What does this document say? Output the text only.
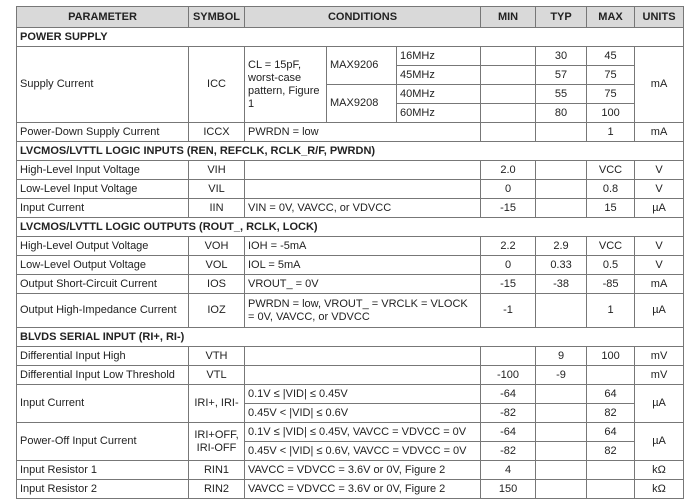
PARAMETER	SYMBOL	CONDITIONS			MIN	TYP	MAX	UNITS
POWER SUPPLY								
Supply Current	ICC	CL = 15pF, worst-case pattern, Figure 1	MAX9206	16MHz		30	45	mA
				45MHz		57	75	
			MAX9208	40MHz		55	75	
				60MHz		80	100	
Power-Down Supply Current	ICCX	PWRDN = low					1	mA
LVCMOS/LVTTL LOGIC INPUTS (REN, REFCLK, RCLK_R/F, PWRDN)								
High-Level Input Voltage	VIH				2.0		VCC	V
Low-Level Input Voltage	VIL				0		0.8	V
Input Current	IIN	VIN = 0V, VAVCC, or VDVCC			-15		15	µA
LVCMOS/LVTTL LOGIC OUTPUTS (ROUT_, RCLK, LOCK)								
High-Level Output Voltage	VOH	IOH = -5mA			2.2	2.9	VCC	V
Low-Level Output Voltage	VOL	IOL = 5mA			0	0.33	0.5	V
Output Short-Circuit Current	IOS	VROUT_ = 0V			-15	-38	-85	mA
Output High-Impedance Current	IOZ	PWRDN = low, VROUT_ = VRCLK = VLOCK = 0V, VAVCC, or VDVCC			-1		1	µA
BLVDS SERIAL INPUT (RI+, RI-)								
Differential Input High	VTH					9	100	mV
Differential Input Low Threshold	VTL				-100	-9		mV
Input Current	IRI+, IRI-	0.1V ≤ |VID| ≤ 0.45V			-64		64	µA
		0.45V < |VID| ≤ 0.6V			-82		82	
Power-Off Input Current	IRI+OFF, IRI-OFF	0.1V ≤ |VID| ≤ 0.45V, VAVCC = VDVCC = 0V			-64		64	µA
		0.45V < |VID| ≤ 0.6V, VAVCC = VDVCC = 0V			-82		82	
Input Resistor 1	RIN1	VAVCC = VDVCC = 3.6V or 0V, Figure 2			4			kΩ
Input Resistor 2	RIN2	VAVCC = VDVCC = 3.6V or 0V, Figure 2			150			kΩ
